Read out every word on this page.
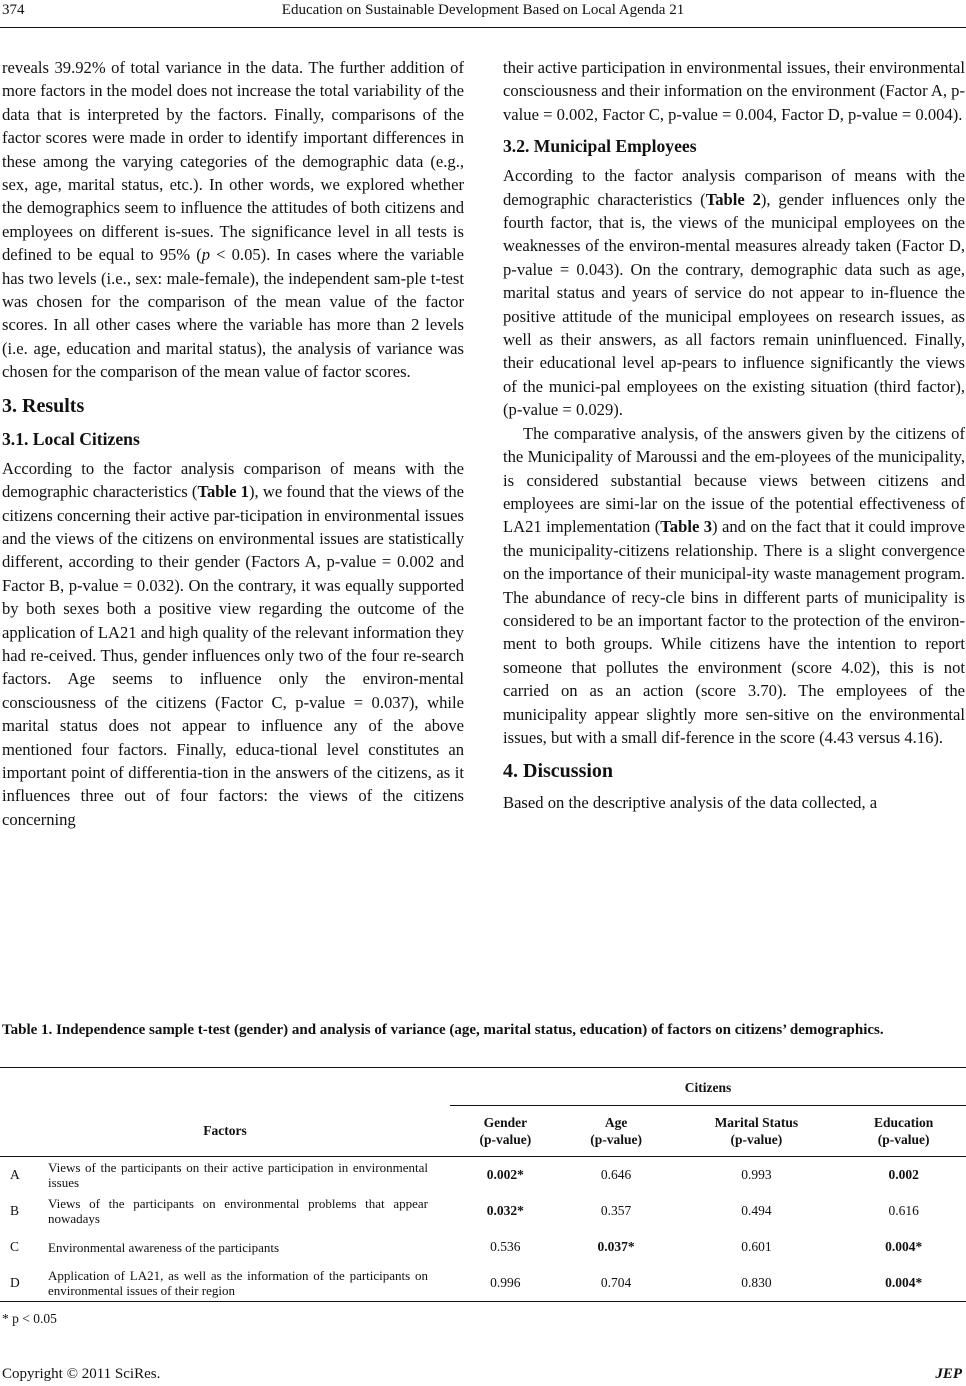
374	Education on Sustainable Development Based on Local Agenda 21

reveals 39.92% of total variance in the data. The further addition of more factors in the model does not increase the total variability of the data that is interpreted by the factors. Finally, comparisons of the factor scores were made in order to identify important differences in these among the varying categories of the demographic data (e.g., sex, age, marital status, etc.). In other words, we explored whether the demographics seem to influence the attitudes of both citizens and employees on different is-sues. The significance level in all tests is defined to be equal to 95% (p < 0.05). In cases where the variable has two levels (i.e., sex: male-female), the independent sam-ple t-test was chosen for the comparison of the mean value of the factor scores. In all other cases where the variable has more than 2 levels (i.e. age, education and marital status), the analysis of variance was chosen for the comparison of the mean value of factor scores.

3. Results
3.1. Local Citizens

According to the factor analysis comparison of means with the demographic characteristics (Table 1), we found that the views of the citizens concerning their active par-ticipation in environmental issues and the views of the citizens on environmental issues are statistically different, according to their gender (Factors A, p-value = 0.002 and Factor B, p-value = 0.032). On the contrary, it was equally supported by both sexes both a positive view regarding the outcome of the application of LA21 and high quality of the relevant information they had re-ceived. Thus, gender influences only two of the four re-search factors. Age seems to influence only the environ-mental consciousness of the citizens (Factor C, p-value = 0.037), while marital status does not appear to influence any of the above mentioned four factors. Finally, educa-tional level constitutes an important point of differentia-tion in the answers of the citizens, as it influences three out of four factors: the views of the citizens concerning

their active participation in environmental issues, their environmental consciousness and their information on the environment (Factor A, p-value = 0.002, Factor C, p-value = 0.004, Factor D, p-value = 0.004).

3.2. Municipal Employees

According to the factor analysis comparison of means with the demographic characteristics (Table 2), gender influences only the fourth factor, that is, the views of the municipal employees on the weaknesses of the environ-mental measures already taken (Factor D, p-value = 0.043). On the contrary, demographic data such as age, marital status and years of service do not appear to in-fluence the positive attitude of the municipal employees on research issues, as well as their answers, as all factors remain uninfluenced. Finally, their educational level ap-pears to influence significantly the views of the munici-pal employees on the existing situation (third factor), (p-value = 0.029).

The comparative analysis, of the answers given by the citizens of the Municipality of Maroussi and the em-ployees of the municipality, is considered substantial because views between citizens and employees are simi-lar on the issue of the potential effectiveness of LA21 implementation (Table 3) and on the fact that it could improve the municipality-citizens relationship. There is a slight convergence on the importance of their municipal-ity waste management program. The abundance of recy-cle bins in different parts of municipality is considered to be an important factor to the protection of the environ-ment to both groups. While citizens have the intention to report someone that pollutes the environment (score 4.02), this is not carried on as an action (score 3.70). The employees of the municipality appear slightly more sen-sitive on the environmental issues, but with a small dif-ference in the score (4.43 versus 4.16).

4. Discussion

Based on the descriptive analysis of the data collected, a

Table 1. Independence sample t-test (gender) and analysis of variance (age, marital status, education) of factors on citizens’ demographics.

		Citizens			
Factors		Gender
(p-value)	Age
(p-value)	Marital Status
(p-value)	Education
(p-value)
A	Views of the participants on their active participation in environmental issues	0.002*	0.646	0.993	0.002
B	Views of the participants on environmental problems that appear nowadays	0.032*	0.357	0.494	0.616
C	Environmental awareness of the participants	0.536	0.037*	0.601	0.004*
D	Application of LA21, as well as the information of the participants on environmental issues of their region	0.996	0.704	0.830	0.004*
* p < 0.05
Copyright © 2011 SciRes.	JEP
